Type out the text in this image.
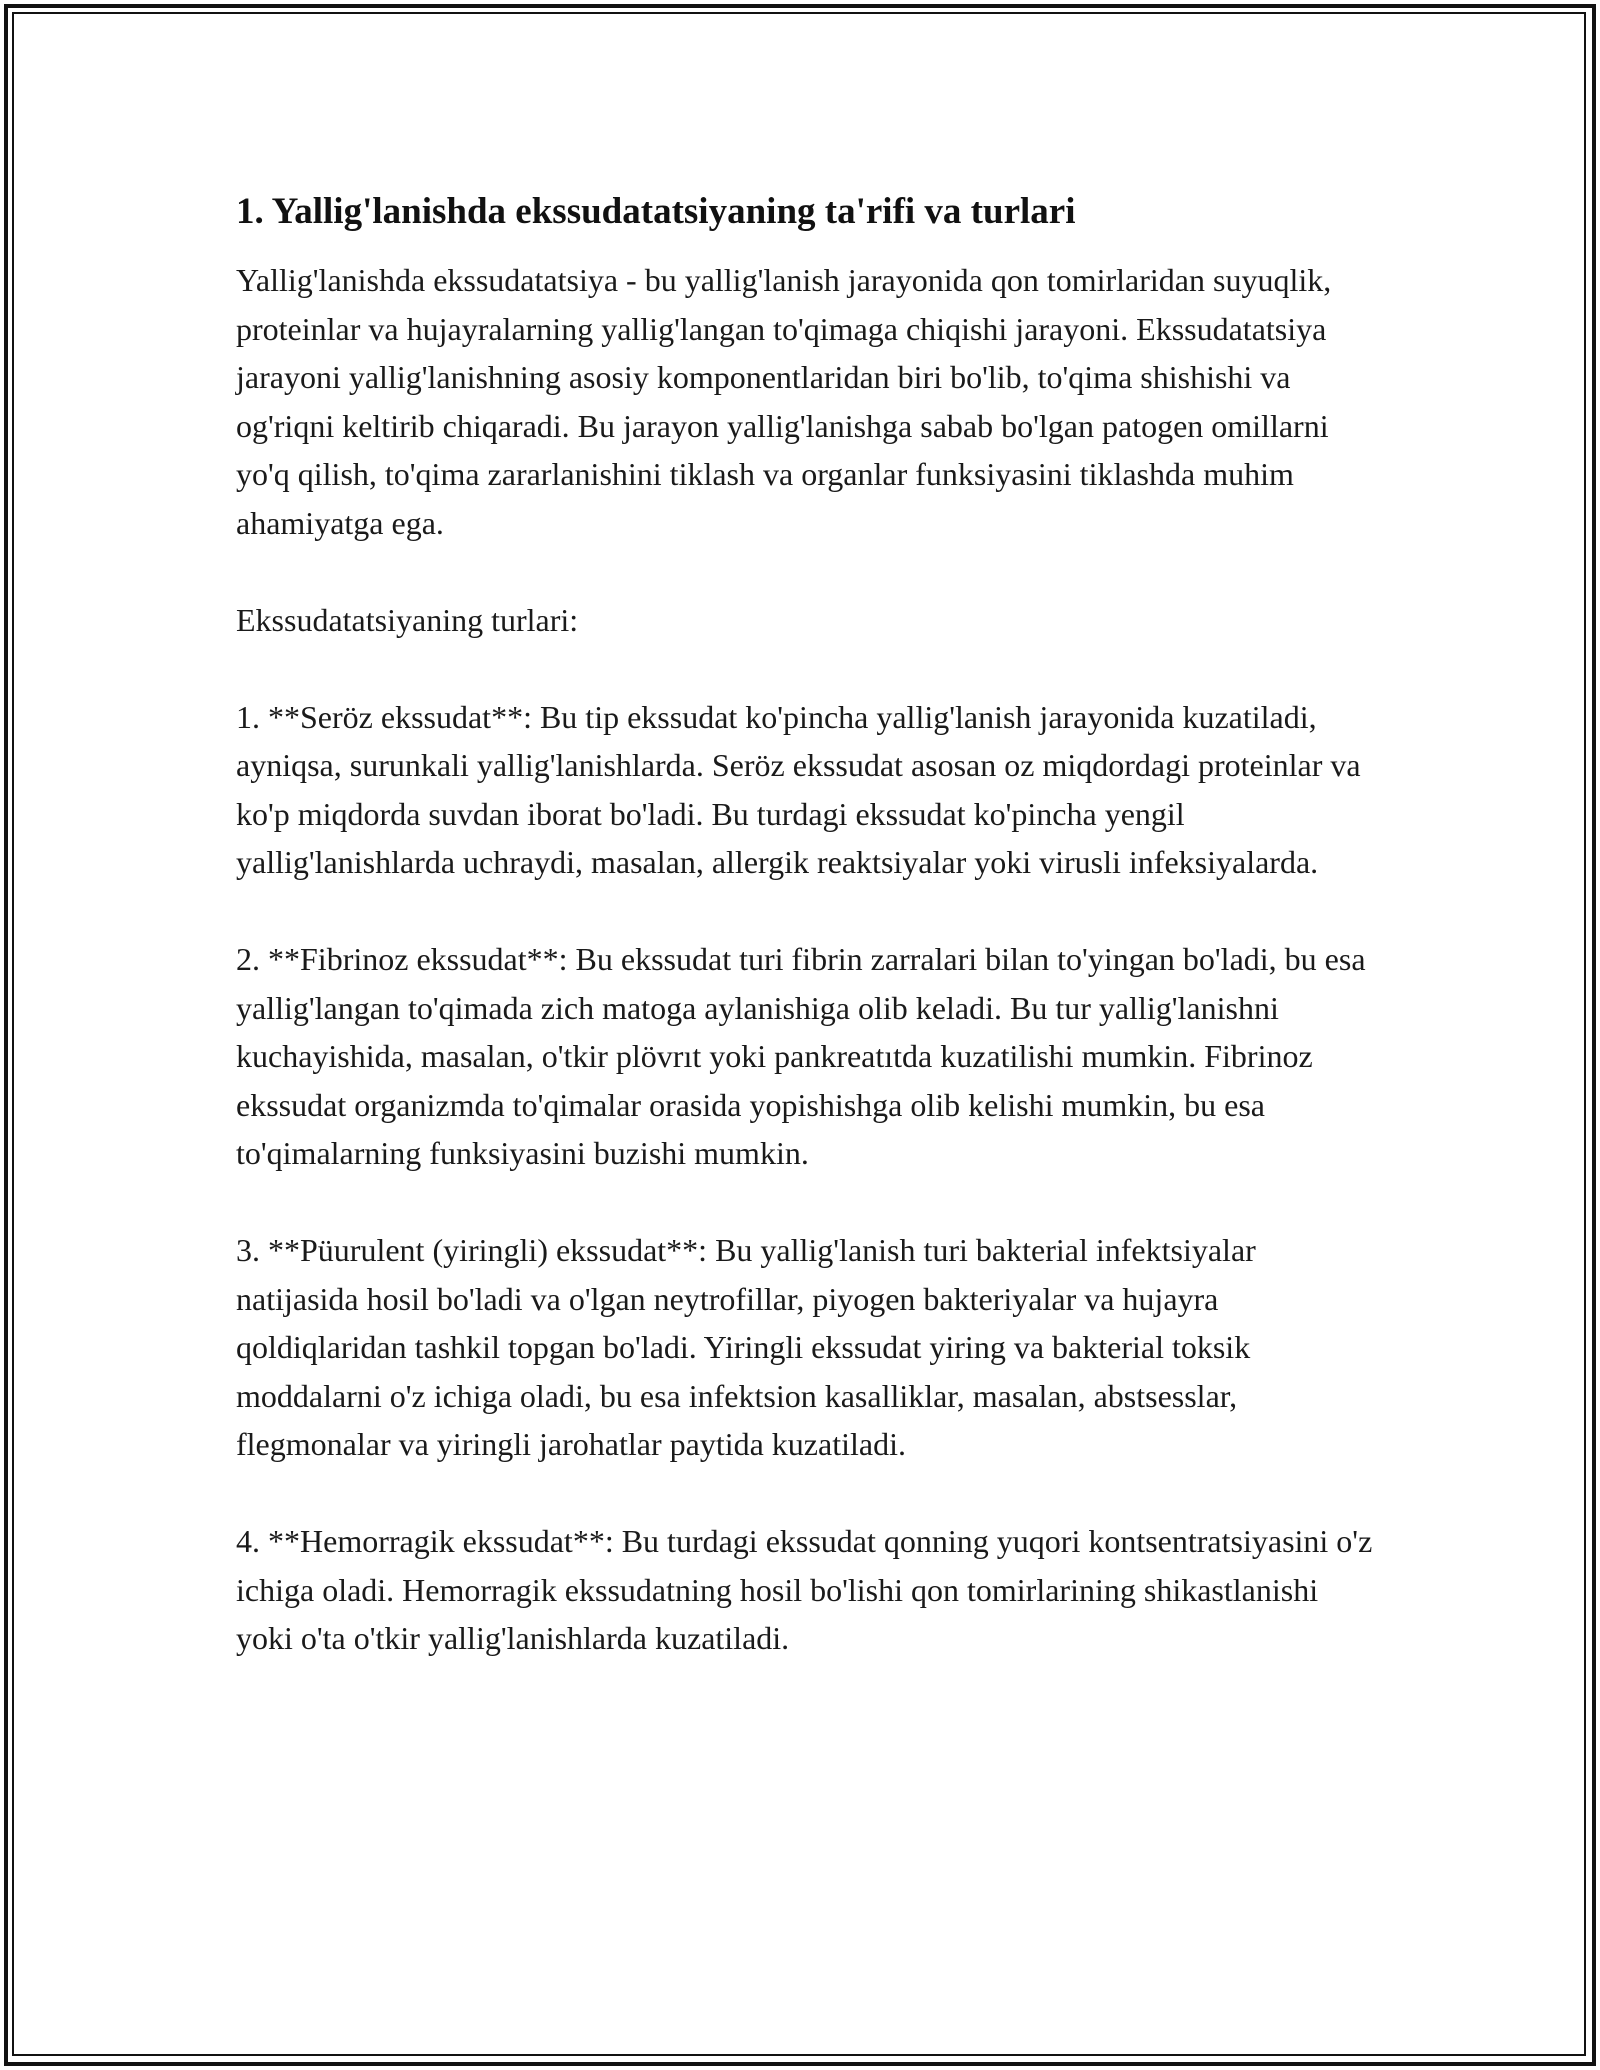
1. Yallig'lanishda ekssudatatsiyaning ta'rifi va turlari

Yallig'lanishda ekssudatatsiya - bu yallig'lanish jarayonida qon tomirlaridan suyuqlik, proteinlar va hujayralarning yallig'langan to'qimaga chiqishi jarayoni. Ekssudatatsiya jarayoni yallig'lanishning asosiy komponentlaridan biri bo'lib, to'qima shishishi va og'riqni keltirib chiqaradi. Bu jarayon yallig'lanishga sabab bo'lgan patogen omillarni yo'q qilish, to'qima zararlanishini tiklash va organlar funksiyasini tiklashda muhim ahamiyatga ega.

Ekssudatatsiyaning turlari:

1. **Seröz ekssudat**: Bu tip ekssudat ko'pincha yallig'lanish jarayonida kuzatiladi, ayniqsa, surunkali yallig'lanishlarda. Seröz ekssudat asosan oz miqdordagi proteinlar va ko'p miqdorda suvdan iborat bo'ladi. Bu turdagi ekssudat ko'pincha yengil yallig'lanishlarda uchraydi, masalan, allergik reaktsiyalar yoki virusli infeksiyalarda.

2. **Fibrinoz ekssudat**: Bu ekssudat turi fibrin zarralari bilan to'yingan bo'ladi, bu esa yallig'langan to'qimada zich matoga aylanishiga olib keladi. Bu tur yallig'lanishni kuchayishida, masalan, o'tkir plövrıt yoki pankreatıtda kuzatilishi mumkin. Fibrinoz ekssudat organizmda to'qimalar orasida yopishishga olib kelishi mumkin, bu esa to'qimalarning funksiyasini buzishi mumkin.

3. **Püurulent (yiringli) ekssudat**: Bu yallig'lanish turi bakterial infektsiyalar natijasida hosil bo'ladi va o'lgan neytrofillar, piyogen bakteriyalar va hujayra qoldiqlaridan tashkil topgan bo'ladi. Yiringli ekssudat yiring va bakterial toksik moddalarni o'z ichiga oladi, bu esa infektsion kasalliklar, masalan, abstsesslar, flegmonalar va yiringli jarohatlar paytida kuzatiladi.

4. **Hemorragik ekssudat**: Bu turdagi ekssudat qonning yuqori kontsentratsiyasini o'z ichiga oladi. Hemorragik ekssudatning hosil bo'lishi qon tomirlarining shikastlanishi yoki o'ta o'tkir yallig'lanishlarda kuzatiladi.
